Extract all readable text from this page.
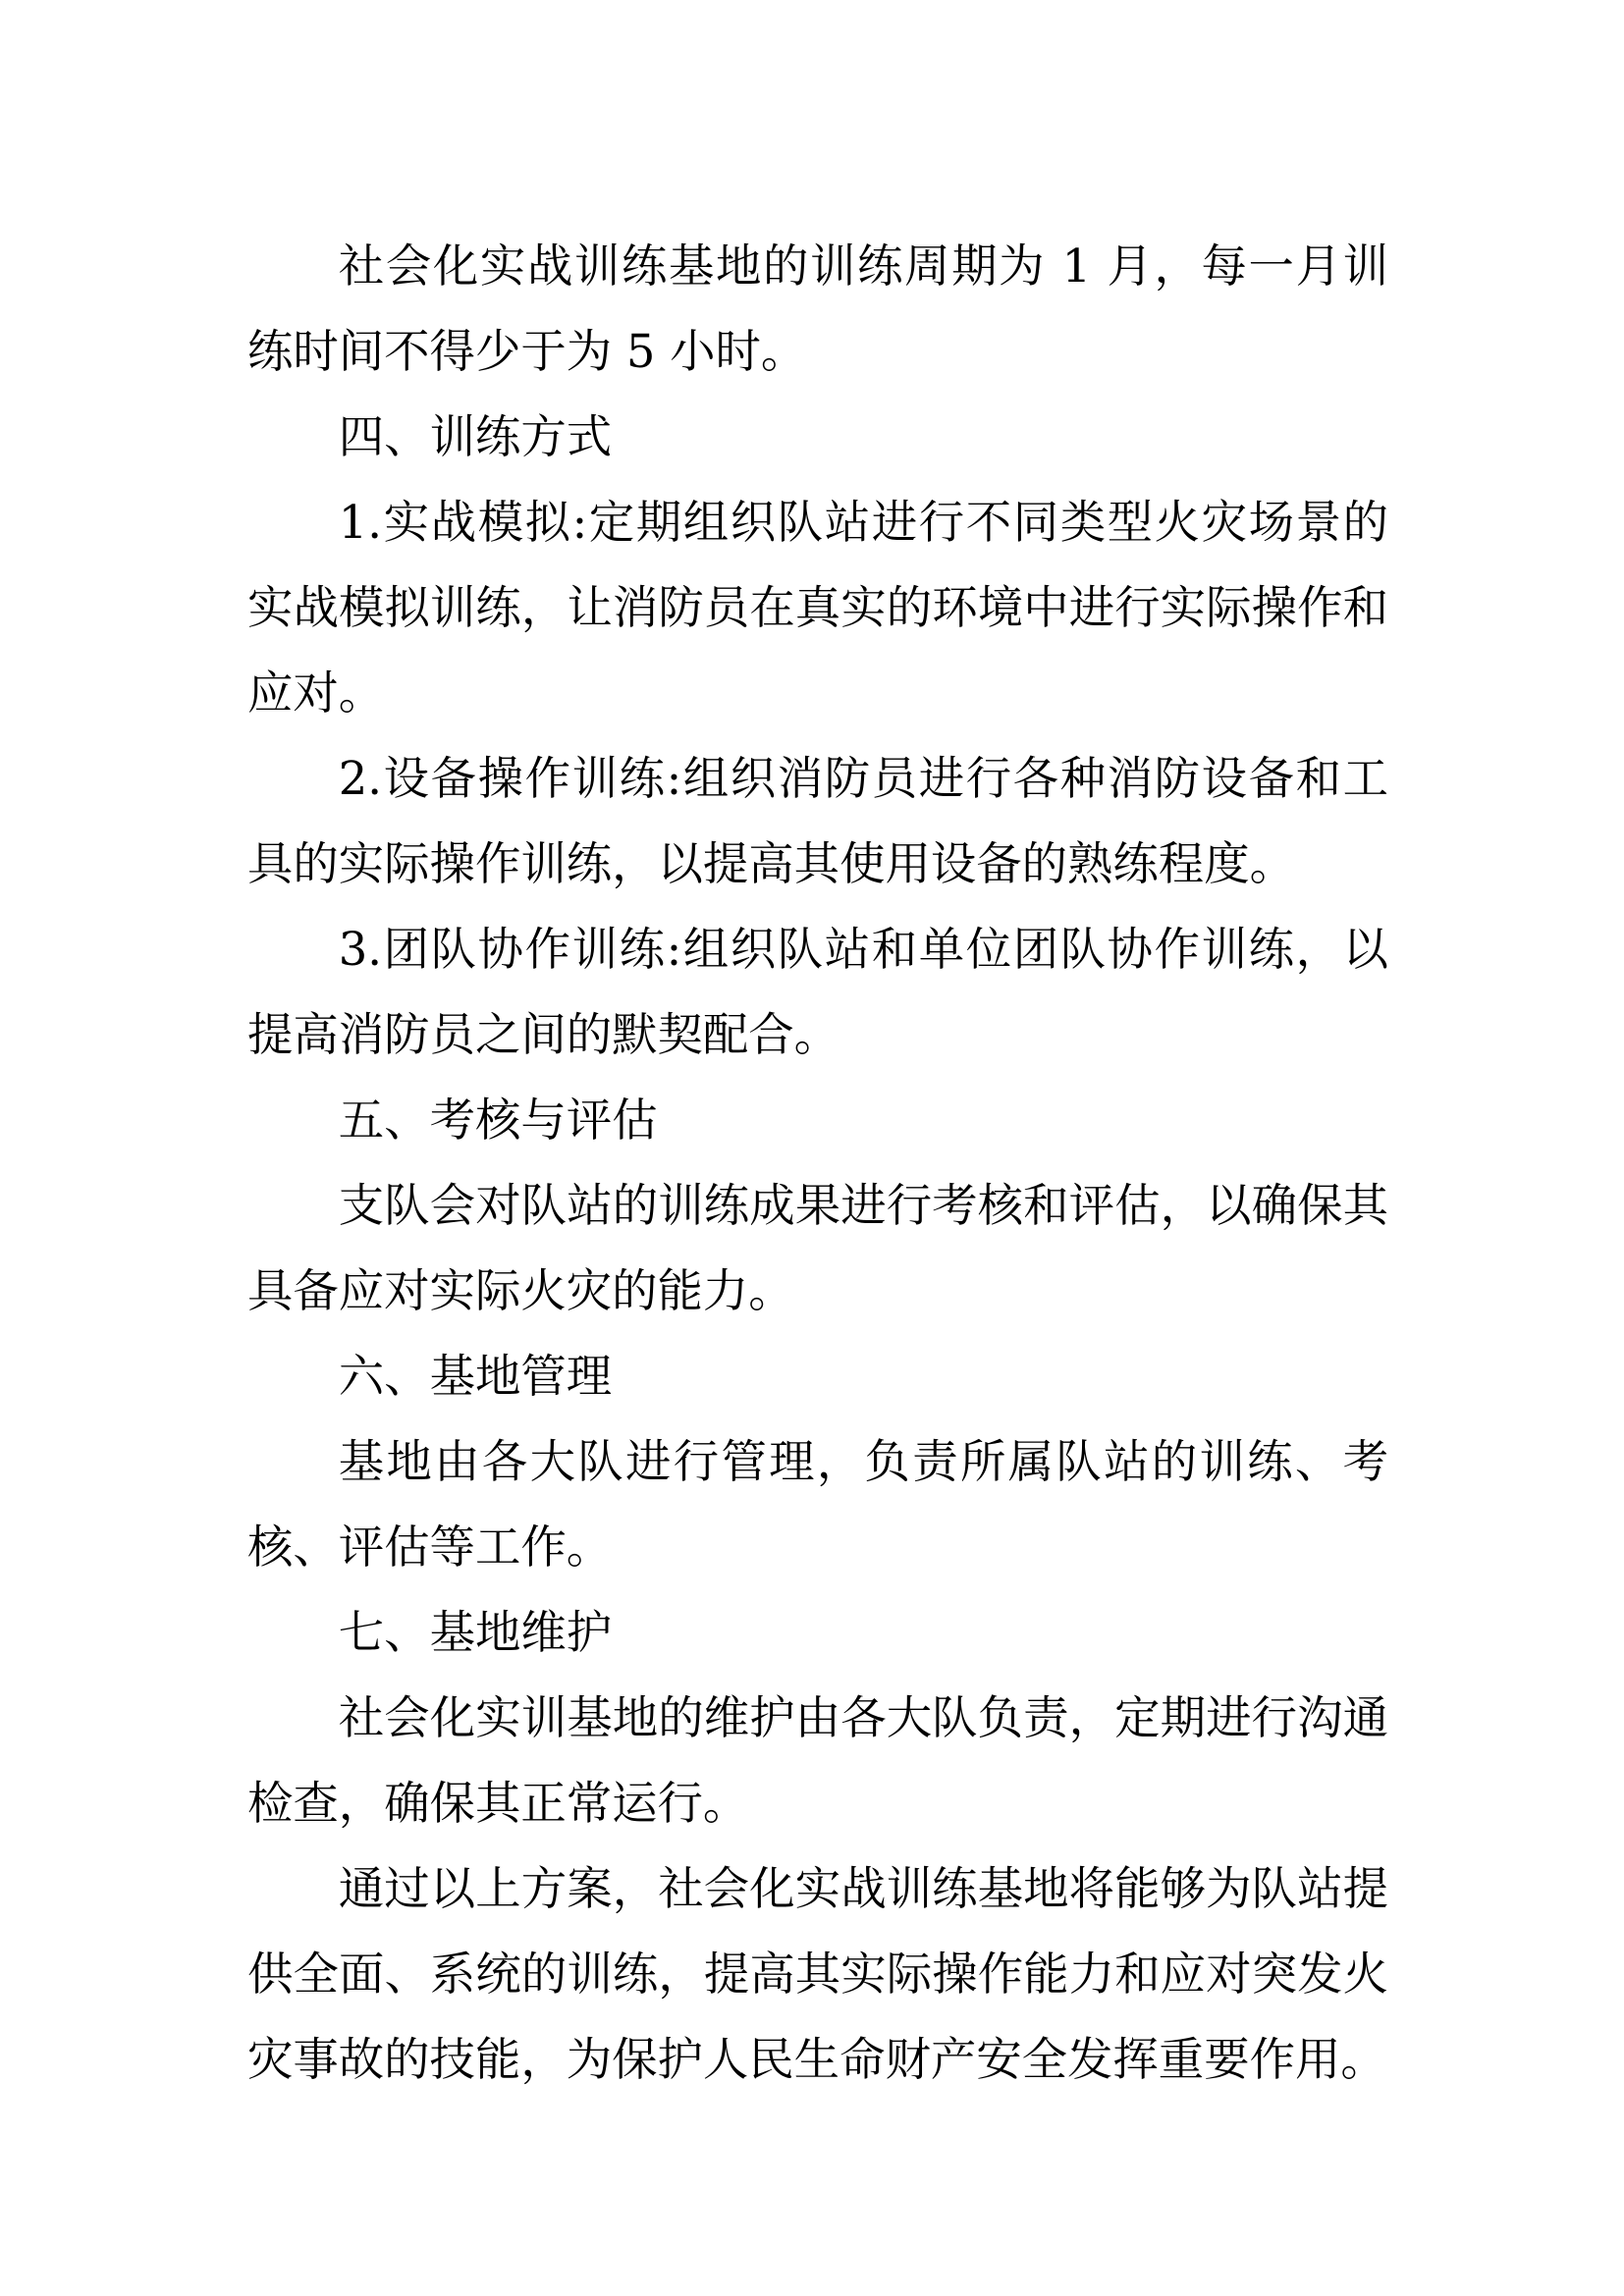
社会化实战训练基地的训练周期为 1 月，每一月训练时间不得少于为 5 小时。

四、训练方式

1.实战模拟:定期组织队站进行不同类型火灾场景的实战模拟训练，让消防员在真实的环境中进行实际操作和应对。

2.设备操作训练:组织消防员进行各种消防设备和工具的实际操作训练，以提高其使用设备的熟练程度。

3.团队协作训练:组织队站和单位团队协作训练，以提高消防员之间的默契配合。

五、考核与评估

支队会对队站的训练成果进行考核和评估，以确保其具备应对实际火灾的能力。

六、基地管理

基地由各大队进行管理，负责所属队站的训练、考核、评估等工作。

七、基地维护

社会化实训基地的维护由各大队负责，定期进行沟通检查，确保其正常运行。

通过以上方案，社会化实战训练基地将能够为队站提供全面、系统的训练，提高其实际操作能力和应对突发火灾事故的技能，为保护人民生命财产安全发挥重要作用。
